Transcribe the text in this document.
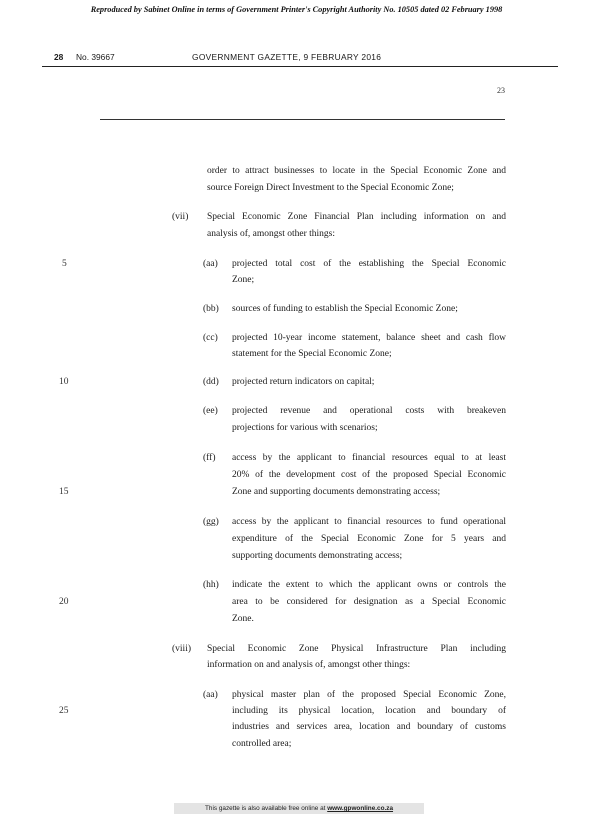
Reproduced by Sabinet Online in terms of Government Printer's Copyright Authority No. 10505 dated 02 February 1998
28 No. 39667	GOVERNMENT GAZETTE, 9 FEBRUARY 2016
23
5
10
15
20
25
order to attract businesses to locate in the Special Economic Zone and
source Foreign Direct Investment to the Special Economic Zone;
(vii) Special Economic Zone Financial Plan including information on and
analysis of, amongst other things:
(aa) projected total cost of the establishing the Special Economic
Zone;
(bb) sources of funding to establish the Special Economic Zone;
(cc) projected 10-year income statement, balance sheet and cash flow
statement for the Special Economic Zone;
(dd) projected return indicators on capital;
(ee) projected revenue and operational costs with breakeven
projections for various with scenarios;
(ff) access by the applicant to financial resources equal to at least
20% of the development cost of the proposed Special Economic
Zone and supporting documents demonstrating access;
(gg) access by the applicant to financial resources to fund operational
expenditure of the Special Economic Zone for 5 years and
supporting documents demonstrating access;
(hh) indicate the extent to which the applicant owns or controls the
area to be considered for designation as a Special Economic
Zone.
(viii) Special Economic Zone Physical Infrastructure Plan including
information on and analysis of, amongst other things:
(aa) physical master plan of the proposed Special Economic Zone,
including its physical location, location and boundary of
industries and services area, location and boundary of customs
controlled area;
This gazette is also available free online at www.gpwonline.co.za
